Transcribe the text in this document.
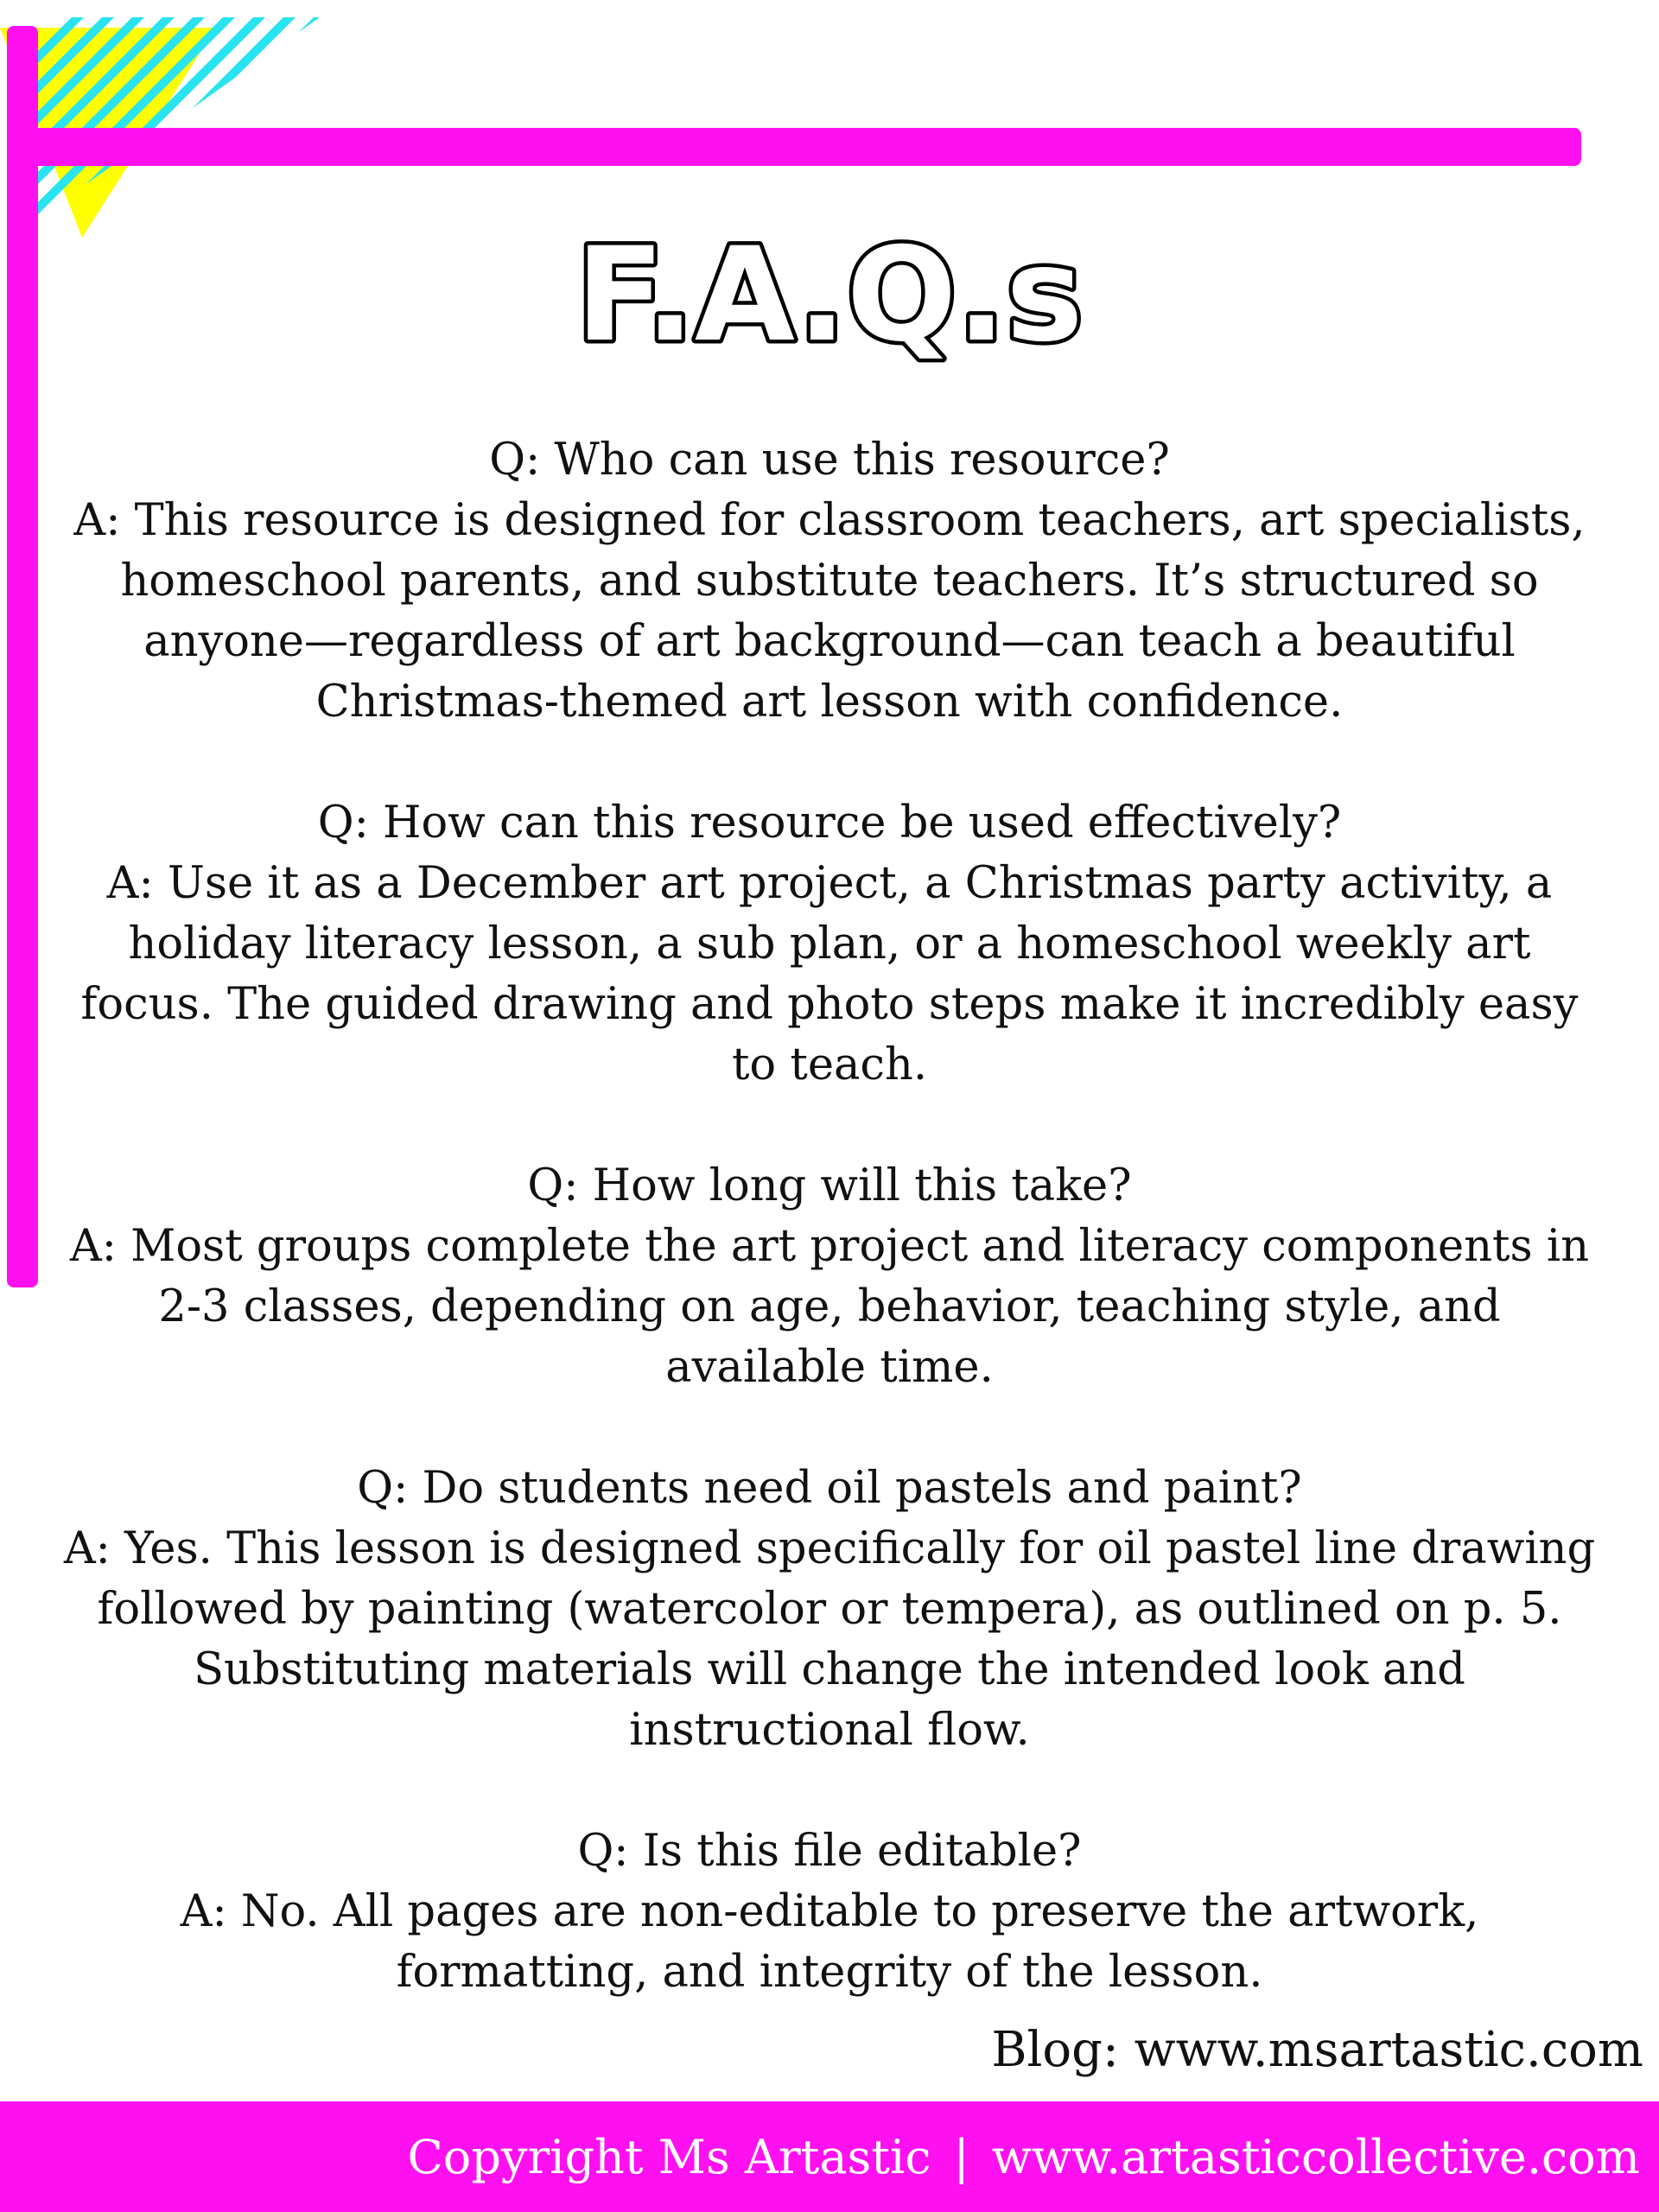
F.A.Q.s

Q: Who can use this resource?

A: This resource is designed for classroom teachers, art specialists, homeschool parents, and substitute teachers. It’s structured so anyone—regardless of art background—can teach a beautiful Christmas-themed art lesson with confidence.

Q: How can this resource be used effectively?

A: Use it as a December art project, a Christmas party activity, a holiday literacy lesson, a sub plan, or a homeschool weekly art focus. The guided drawing and photo steps make it incredibly easy to teach.

Q: How long will this take?

A: Most groups complete the art project and literacy components in 2-3 classes, depending on age, behavior, teaching style, and available time.

Q: Do students need oil pastels and paint?

A: Yes. This lesson is designed specifically for oil pastel line drawing followed by painting (watercolor or tempera), as outlined on p. 5. Substituting materials will change the intended look and instructional flow.

Q: Is this file editable?

A: No. All pages are non-editable to preserve the artwork, formatting, and integrity of the lesson.

Blog: www.msartastic.com
Copyright Ms Artastic | www.artasticcollective.com
